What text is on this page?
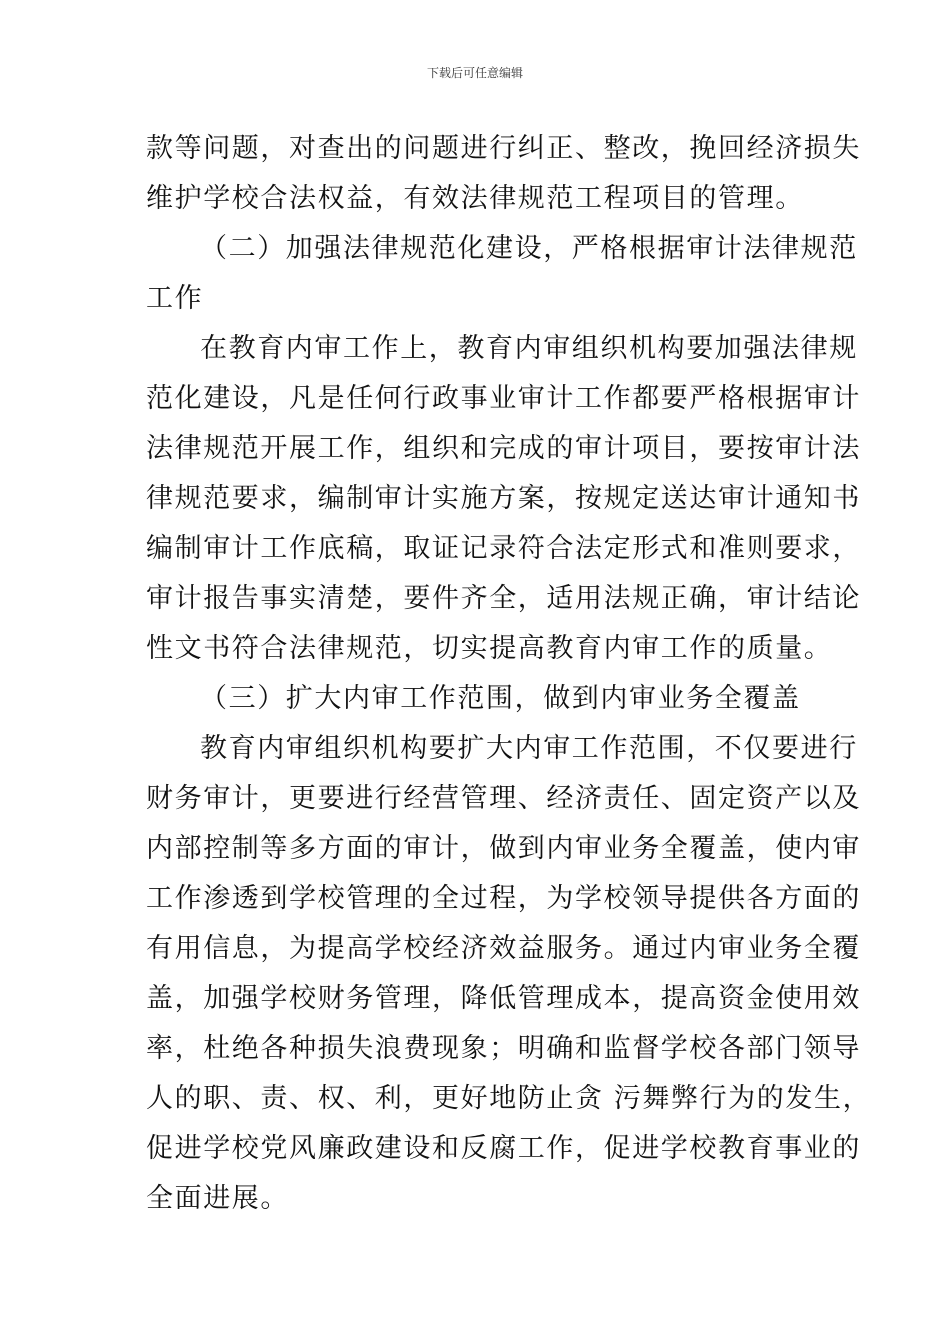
下载后可任意编辑
款等问题，对查出的问题进行纠正、整改，挽回经济损失
维护学校合法权益，有效法律规范工程项目的管理。
（二）加强法律规范化建设，严格根据审计法律规范
工作
在教育内审工作上，教育内审组织机构要加强法律规
范化建设，凡是任何行政事业审计工作都要严格根据审计
法律规范开展工作，组织和完成的审计项目，要按审计法
律规范要求，编制审计实施方案，按规定送达审计通知书
编制审计工作底稿，取证记录符合法定形式和准则要求，
审计报告事实清楚，要件齐全，适用法规正确，审计结论
性文书符合法律规范，切实提高教育内审工作的质量。
（三）扩大内审工作范围，做到内审业务全覆盖
教育内审组织机构要扩大内审工作范围，不仅要进行
财务审计，更要进行经营管理、经济责任、固定资产以及
内部控制等多方面的审计，做到内审业务全覆盖，使内审
工作渗透到学校管理的全过程，为学校领导提供各方面的
有用信息，为提高学校经济效益服务。通过内审业务全覆
盖，加强学校财务管理，降低管理成本，提高资金使用效
率，杜绝各种损失浪费现象；明确和监督学校各部门领导
人的职、责、权、利，更好地防止贪 污舞弊行为的发生，
促进学校党风廉政建设和反腐工作，促进学校教育事业的
全面进展。
